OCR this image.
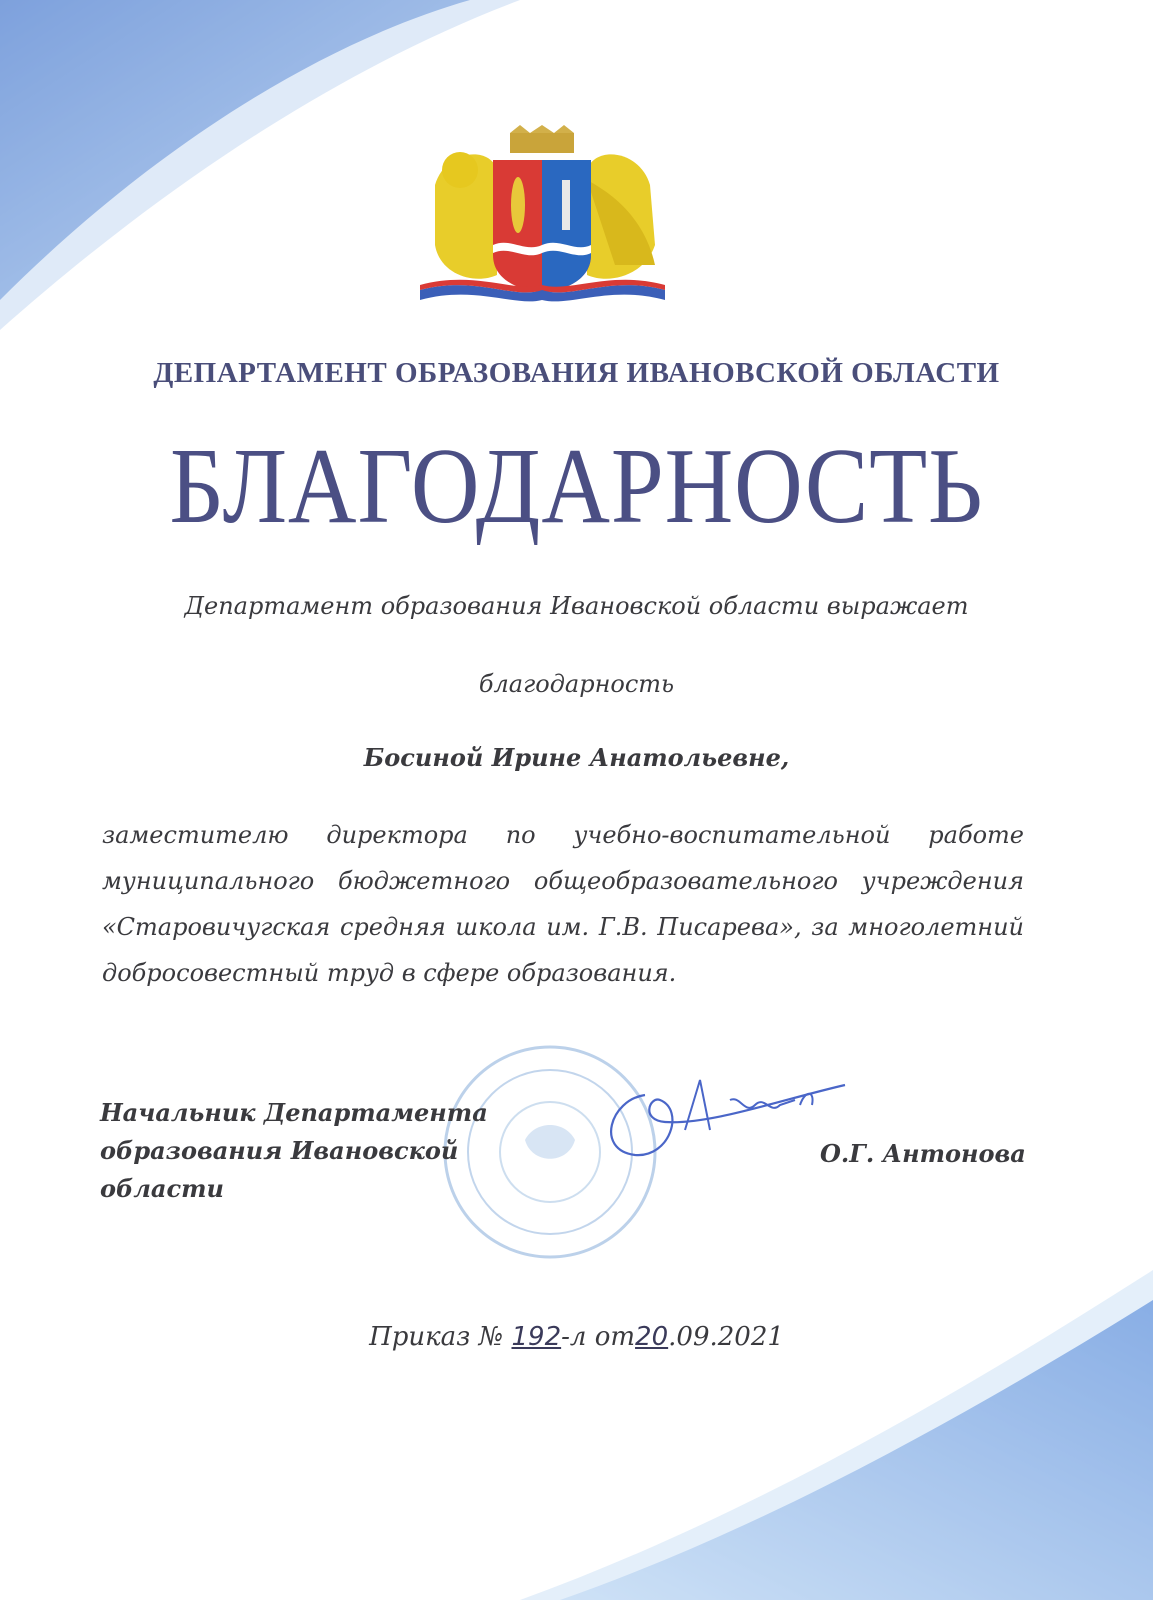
ДЕПАРТАМЕНТ ОБРАЗОВАНИЯ ИВАНОВСКОЙ ОБЛАСТИ
БЛАГОДАРНОСТЬ
Департамент образования Ивановской области выражает
благодарность
Босиной Ирине Анатольевне,
заместителю директора по учебно-воспитательной работе муниципального бюджетного общеобразовательного учреждения «Старовичугская средняя школа им. Г.В. Писарева», за многолетний добросовестный труд в сфере образования.
Начальник Департамента
образования Ивановской области
О.Г. Антонова
Приказ № 192-л от20.09.2021
